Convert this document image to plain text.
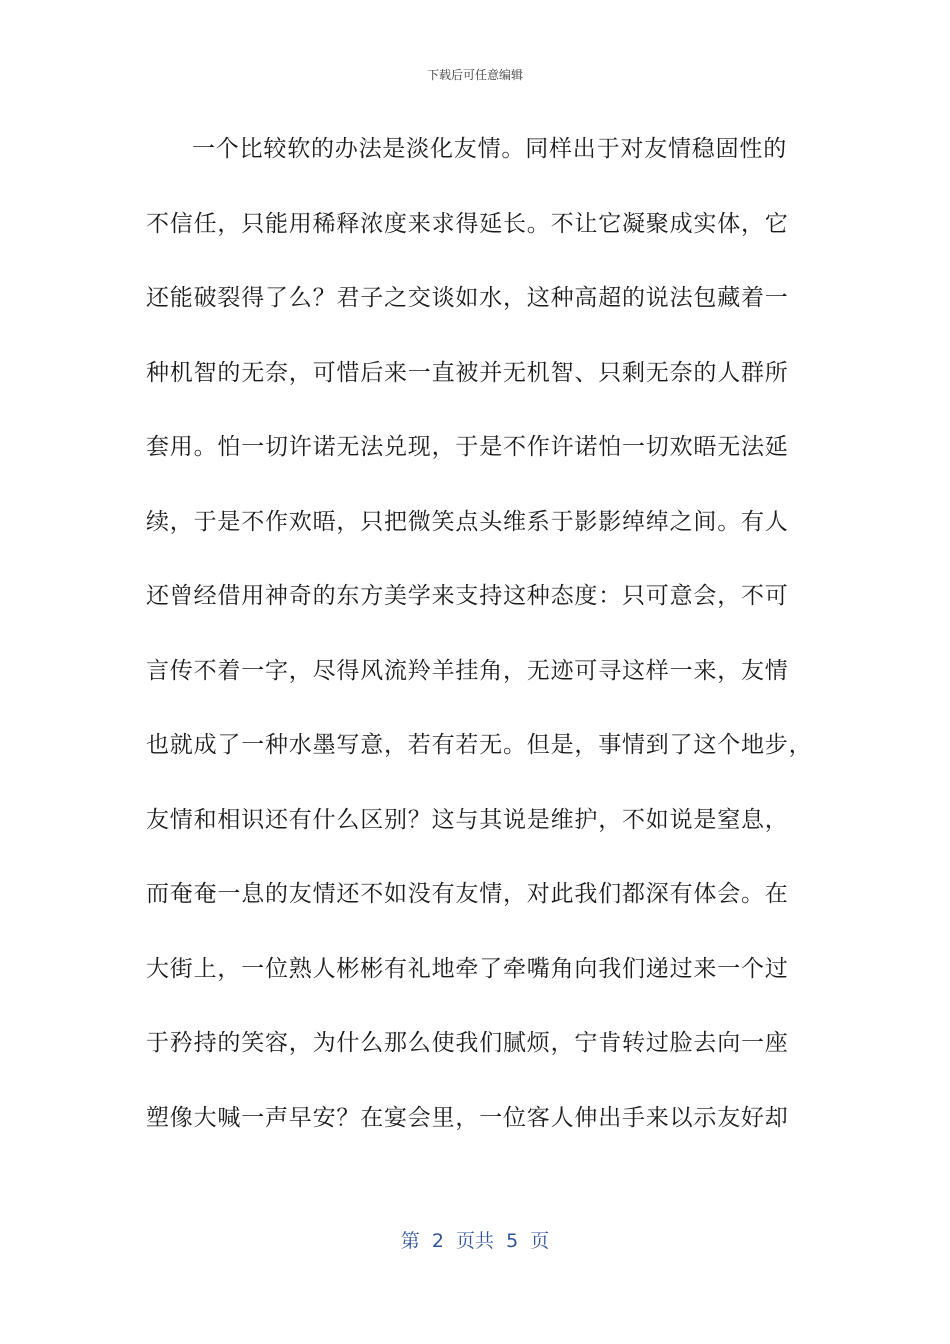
下载后可任意编辑
一个比较软的办法是淡化友情。同样出于对友情稳固性的
不信任，只能用稀释浓度来求得延长。不让它凝聚成实体，它
还能破裂得了么？君子之交谈如水，这种高超的说法包藏着一
种机智的无奈，可惜后来一直被并无机智、只剩无奈的人群所
套用。怕一切许诺无法兑现，于是不作许诺怕一切欢晤无法延
续，于是不作欢晤，只把微笑点头维系于影影绰绰之间。有人
还曾经借用神奇的东方美学来支持这种态度：只可意会，不可
言传不着一字，尽得风流羚羊挂角，无迹可寻这样一来，友情
也就成了一种水墨写意，若有若无。但是，事情到了这个地步，
友情和相识还有什么区别？这与其说是维护，不如说是窒息，
而奄奄一息的友情还不如没有友情，对此我们都深有体会。在
大街上，一位熟人彬彬有礼地牵了牵嘴角向我们递过来一个过
于矜持的笑容，为什么那么使我们腻烦，宁肯转过脸去向一座
塑像大喊一声早安？在宴会里，一位客人伸出手来以示友好却
第  2  页共  5  页
